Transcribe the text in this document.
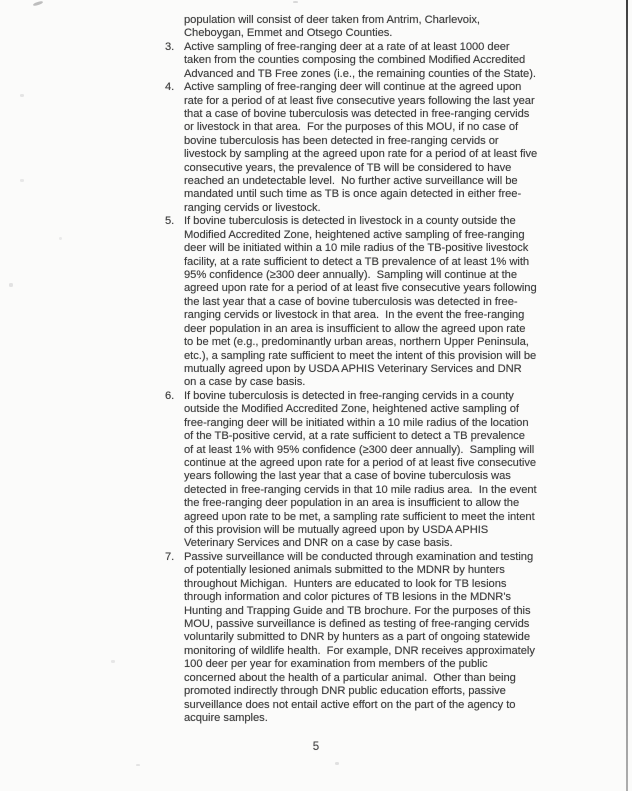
population will consist of deer taken from Antrim, Charlevoix,
Cheboygan, Emmet and Otsego Counties.
3. Active sampling of free-ranging deer at a rate of at least 1000 deer
taken from the counties composing the combined Modified Accredited
Advanced and TB Free zones (i.e., the remaining counties of the State).
4. Active sampling of free-ranging deer will continue at the agreed upon
rate for a period of at least five consecutive years following the last year
that a case of bovine tuberculosis was detected in free-ranging cervids
or livestock in that area.  For the purposes of this MOU, if no case of
bovine tuberculosis has been detected in free-ranging cervids or
livestock by sampling at the agreed upon rate for a period of at least five
consecutive years, the prevalence of TB will be considered to have
reached an undetectable level.  No further active surveillance will be
mandated until such time as TB is once again detected in either free-
ranging cervids or livestock.
5. If bovine tuberculosis is detected in livestock in a county outside the
Modified Accredited Zone, heightened active sampling of free-ranging
deer will be initiated within a 10 mile radius of the TB-positive livestock
facility, at a rate sufficient to detect a TB prevalence of at least 1% with
95% confidence (≥300 deer annually).  Sampling will continue at the
agreed upon rate for a period of at least five consecutive years following
the last year that a case of bovine tuberculosis was detected in free-
ranging cervids or livestock in that area.  In the event the free-ranging
deer population in an area is insufficient to allow the agreed upon rate
to be met (e.g., predominantly urban areas, northern Upper Peninsula,
etc.), a sampling rate sufficient to meet the intent of this provision will be
mutually agreed upon by USDA APHIS Veterinary Services and DNR
on a case by case basis.
6. If bovine tuberculosis is detected in free-ranging cervids in a county
outside the Modified Accredited Zone, heightened active sampling of
free-ranging deer will be initiated within a 10 mile radius of the location
of the TB-positive cervid, at a rate sufficient to detect a TB prevalence
of at least 1% with 95% confidence (≥300 deer annually).  Sampling will
continue at the agreed upon rate for a period of at least five consecutive
years following the last year that a case of bovine tuberculosis was
detected in free-ranging cervids in that 10 mile radius area.  In the event
the free-ranging deer population in an area is insufficient to allow the
agreed upon rate to be met, a sampling rate sufficient to meet the intent
of this provision will be mutually agreed upon by USDA APHIS
Veterinary Services and DNR on a case by case basis.
7. Passive surveillance will be conducted through examination and testing
of potentially lesioned animals submitted to the MDNR by hunters
throughout Michigan.  Hunters are educated to look for TB lesions
through information and color pictures of TB lesions in the MDNR's
Hunting and Trapping Guide and TB brochure. For the purposes of this
MOU, passive surveillance is defined as testing of free-ranging cervids
voluntarily submitted to DNR by hunters as a part of ongoing statewide
monitoring of wildlife health.  For example, DNR receives approximately
100 deer per year for examination from members of the public
concerned about the health of a particular animal.  Other than being
promoted indirectly through DNR public education efforts, passive
surveillance does not entail active effort on the part of the agency to
acquire samples.
5
